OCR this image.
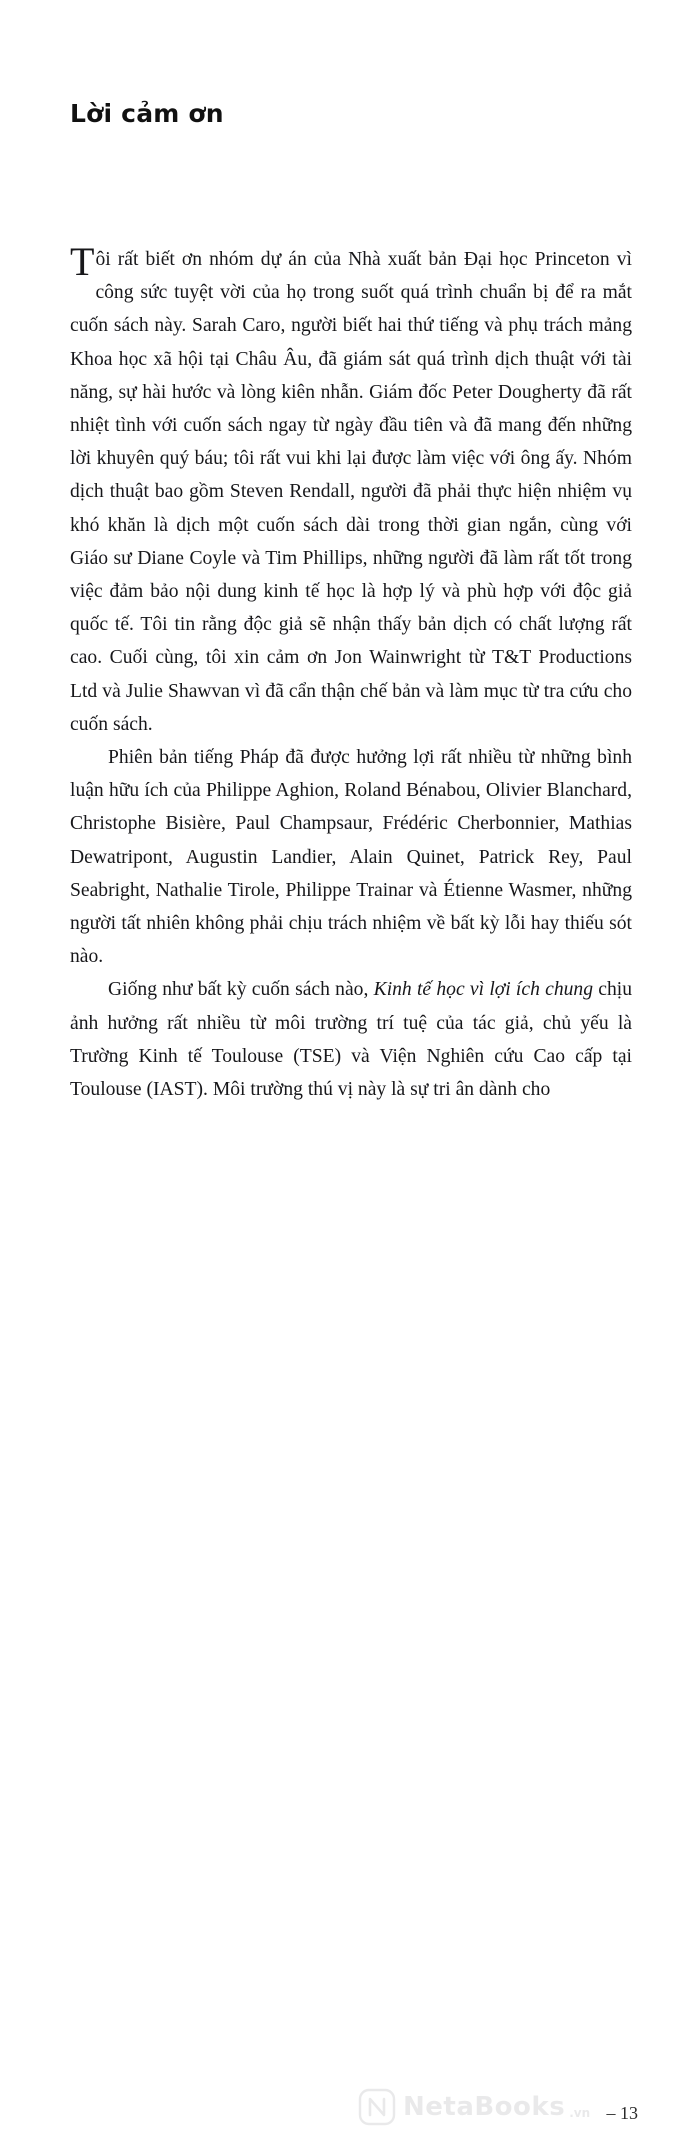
Lời cảm ơn

Tôi rất biết ơn nhóm dự án của Nhà xuất bản Đại học Princeton vì công sức tuyệt vời của họ trong suốt quá trình chuẩn bị để ra mắt cuốn sách này. Sarah Caro, người biết hai thứ tiếng và phụ trách mảng Khoa học xã hội tại Châu Âu, đã giám sát quá trình dịch thuật với tài năng, sự hài hước và lòng kiên nhẫn. Giám đốc Peter Dougherty đã rất nhiệt tình với cuốn sách ngay từ ngày đầu tiên và đã mang đến những lời khuyên quý báu; tôi rất vui khi lại được làm việc với ông ấy. Nhóm dịch thuật bao gồm Steven Rendall, người đã phải thực hiện nhiệm vụ khó khăn là dịch một cuốn sách dài trong thời gian ngắn, cùng với Giáo sư Diane Coyle và Tim Phillips, những người đã làm rất tốt trong việc đảm bảo nội dung kinh tế học là hợp lý và phù hợp với độc giả quốc tế. Tôi tin rằng độc giả sẽ nhận thấy bản dịch có chất lượng rất cao. Cuối cùng, tôi xin cảm ơn Jon Wainwright từ T&T Productions Ltd và Julie Shawvan vì đã cẩn thận chế bản và làm mục từ tra cứu cho cuốn sách.

Phiên bản tiếng Pháp đã được hưởng lợi rất nhiều từ những bình luận hữu ích của Philippe Aghion, Roland Bénabou, Olivier Blanchard, Christophe Bisière, Paul Champsaur, Frédéric Cherbonnier, Mathias Dewatripont, Augustin Landier, Alain Quinet, Patrick Rey, Paul Seabright, Nathalie Tirole, Philippe Trainar và Étienne Wasmer, những người tất nhiên không phải chịu trách nhiệm về bất kỳ lỗi hay thiếu sót nào.

Giống như bất kỳ cuốn sách nào, Kinh tế học vì lợi ích chung chịu ảnh hưởng rất nhiều từ môi trường trí tuệ của tác giả, chủ yếu là Trường Kinh tế Toulouse (TSE) và Viện Nghiên cứu Cao cấp tại Toulouse (IAST). Môi trường thú vị này là sự tri ân dành cho

NetaBooks .vn – 13
